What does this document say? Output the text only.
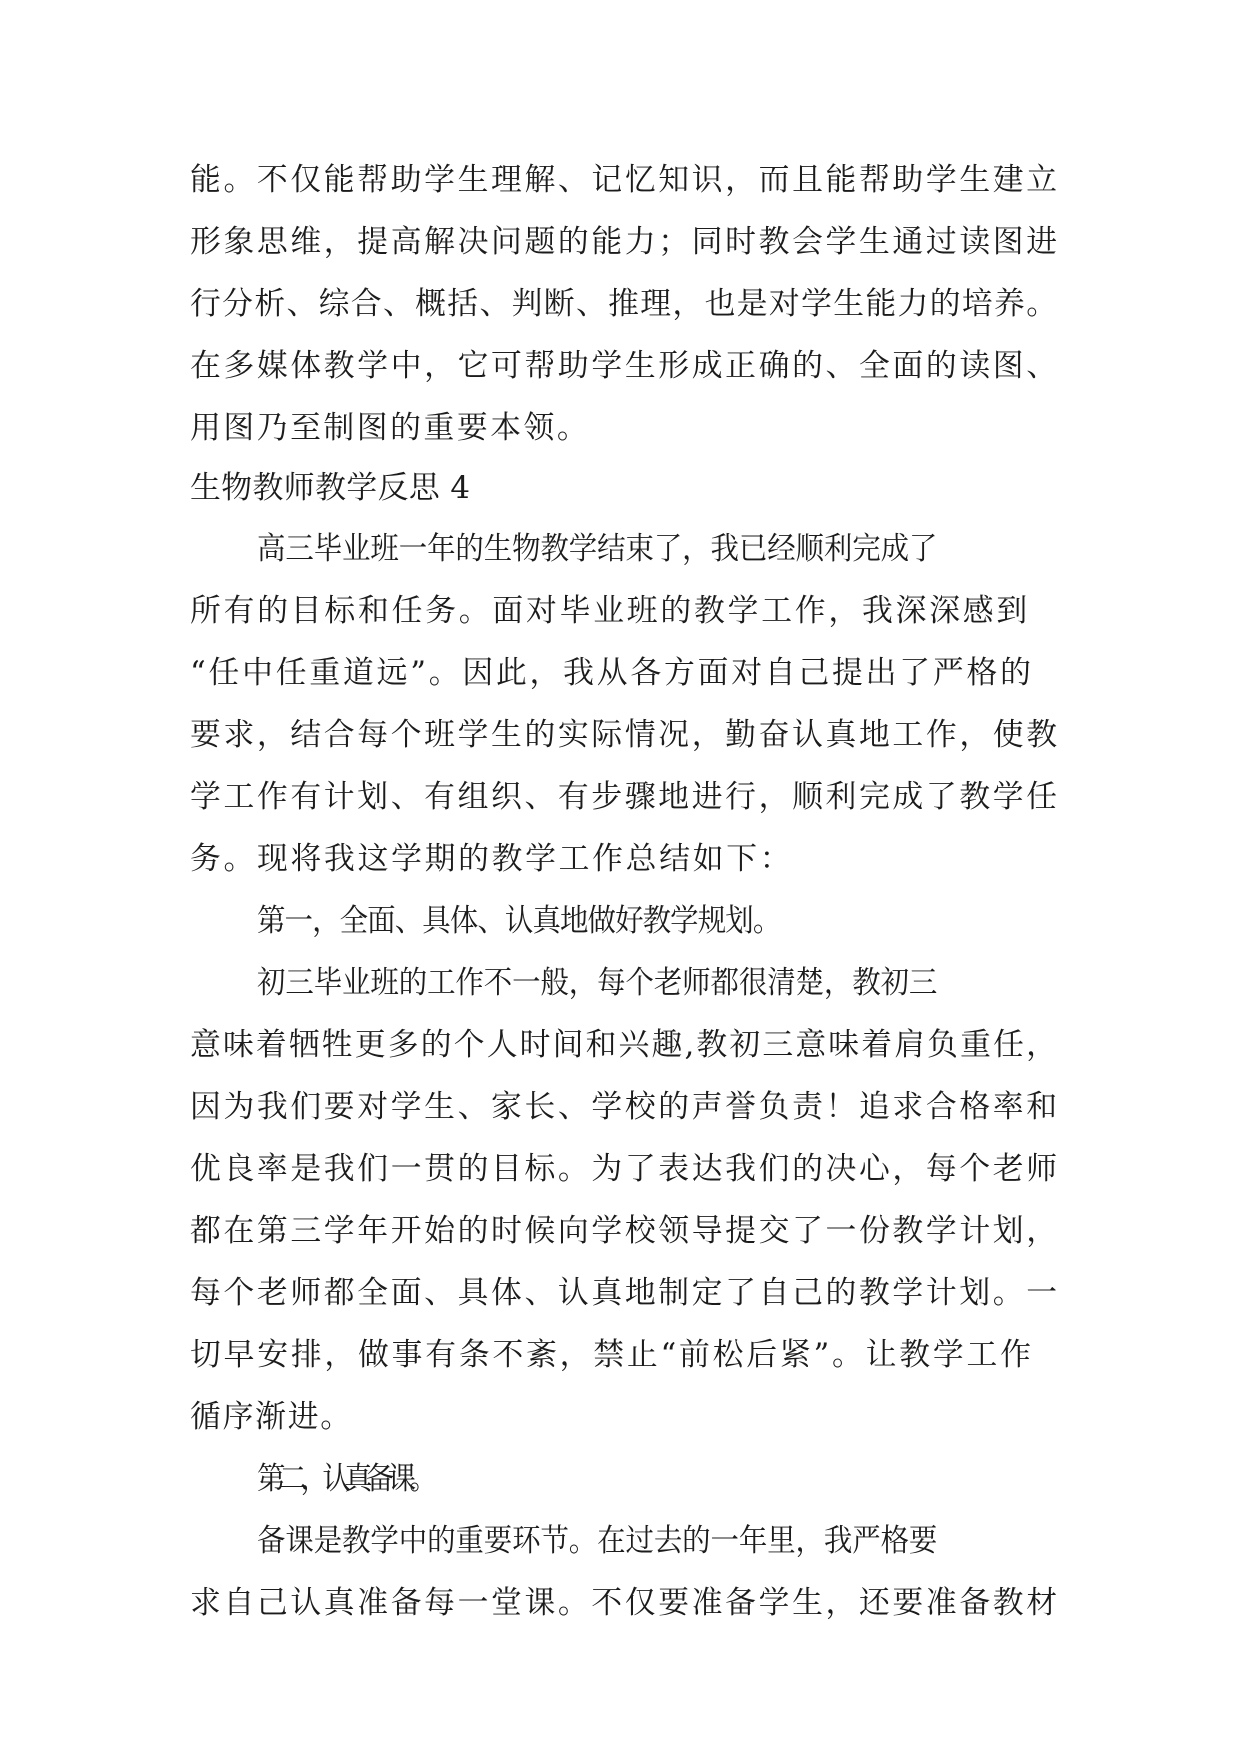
能。不仅能帮助学生理解、记忆知识，而且能帮助学生建立
形象思维，提高解决问题的能力；同时教会学生通过读图进
行分析、综合、概括、判断、推理，也是对学生能力的培养。
在多媒体教学中，它可帮助学生形成正确的、全面的读图、
用图乃至制图的重要本领。
生物教师教学反思 4
高三毕业班一年的生物教学结束了，我已经顺利完成了
所有的目标和任务。面对毕业班的教学工作，我深深感到
“任中任重道远”。因此，我从各方面对自己提出了严格的
要求，结合每个班学生的实际情况，勤奋认真地工作，使教
学工作有计划、有组织、有步骤地进行，顺利完成了教学任
务。现将我这学期的教学工作总结如下：
第一，全面、具体、认真地做好教学规划。
初三毕业班的工作不一般，每个老师都很清楚，教初三
意味着牺牲更多的个人时间和兴趣,教初三意味着肩负重任，
因为我们要对学生、家长、学校的声誉负责！追求合格率和
优良率是我们一贯的目标。为了表达我们的决心，每个老师
都在第三学年开始的时候向学校领导提交了一份教学计划，
每个老师都全面、具体、认真地制定了自己的教学计划。一
切早安排，做事有条不紊，禁止“前松后紧”。让教学工作
循序渐进。
第二，认真备课。
备课是教学中的重要环节。在过去的一年里，我严格要
求自己认真准备每一堂课。不仅要准备学生，还要准备教材
